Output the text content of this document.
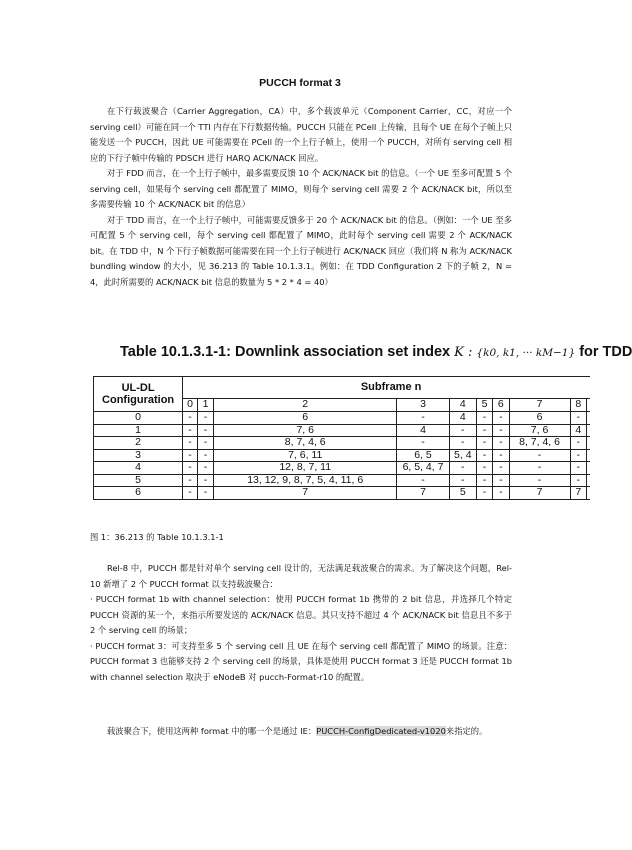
PUCCH format 3

在下行载波聚合（Carrier Aggregation，CA）中，多个载波单元（Component Carrier，CC，对应一个 serving cell）可能在同一个 TTI 内存在下行数据传输。PUCCH 只能在 PCell 上传输，且每个 UE 在每个子帧上只能发送一个 PUCCH，因此 UE 可能需要在 PCell 的一个上行子帧上，使用一个 PUCCH，对所有 serving cell 相应的下行子帧中传输的 PDSCH 进行 HARQ ACK/NACK 回应。

对于 FDD 而言，在一个上行子帧中，最多需要反馈 10 个 ACK/NACK bit 的信息。（一个 UE 至多可配置 5 个 serving cell，如果每个 serving cell 都配置了 MIMO，则每个 serving cell 需要 2 个 ACK/NACK bit，所以至多需要传输 10 个 ACK/NACK bit 的信息）

对于 TDD 而言，在一个上行子帧中，可能需要反馈多于 20 个 ACK/NACK bit 的信息。（例如：一个 UE 至多可配置 5 个 serving cell，每个 serving cell 都配置了 MIMO，此时每个 serving cell 需要 2 个 ACK/NACK bit。在 TDD 中，N 个下行子帧数据可能需要在同一个上行子帧进行 ACK/NACK 回应（我们将 N 称为 ACK/NACK bundling window 的大小，见 36.213 的 Table 10.1.3.1。例如：在 TDD Configuration 2 下的子帧 2，N = 4，此时所需要的 ACK/NACK bit 信息的数量为 5 * 2 * 4 = 40）

Table 10.1.3.1-1: Downlink association set index K : {k0, k1, ··· kM−1} for TDD
UL-DL Configuration	Subframe n									
	0	1	2	3	4	5	6	7	8	
0	-	-	6	-	4	-	-	6	-	
1	-	-	7, 6	4	-	-	-	7, 6	4	
2	-	-	8, 7, 4, 6	-	-	-	-	8, 7, 4, 6	-	
3	-	-	7, 6, 11	6, 5	5, 4	-	-	-	-	
4	-	-	12, 8, 7, 11	6, 5, 4, 7	-	-	-	-	-	
5	-	-	13, 12, 9, 8, 7, 5, 4, 11, 6	-	-	-	-	-	-	
6	-	-	7	7	5	-	-	7	7	
图 1：36.213 的 Table 10.1.3.1-1

Rel-8 中，PUCCH 都是针对单个 serving cell 设计的，无法满足载波聚合的需求。为了解决这个问题，Rel-10 新增了 2 个 PUCCH format 以支持载波聚合：

· PUCCH format 1b with channel selection：使用 PUCCH format 1b 携带的 2 bit 信息，并选择几个特定 PUCCH 资源的某一个，来指示所要发送的 ACK/NACK 信息。其只支持不超过 4 个 ACK/NACK bit 信息且不多于 2 个 serving cell 的场景；

· PUCCH format 3：可支持至多 5 个 serving cell 且 UE 在每个 serving cell 都配置了 MIMO 的场景。注意：PUCCH format 3 也能够支持 2 个 serving cell 的场景，具体是使用 PUCCH format 3 还是 PUCCH format 1b with channel selection 取决于 eNodeB 对 pucch-Format-r10 的配置。

载波聚合下，使用这两种 format 中的哪一个是通过 IE：PUCCH-ConfigDedicated-v1020来指定的。
